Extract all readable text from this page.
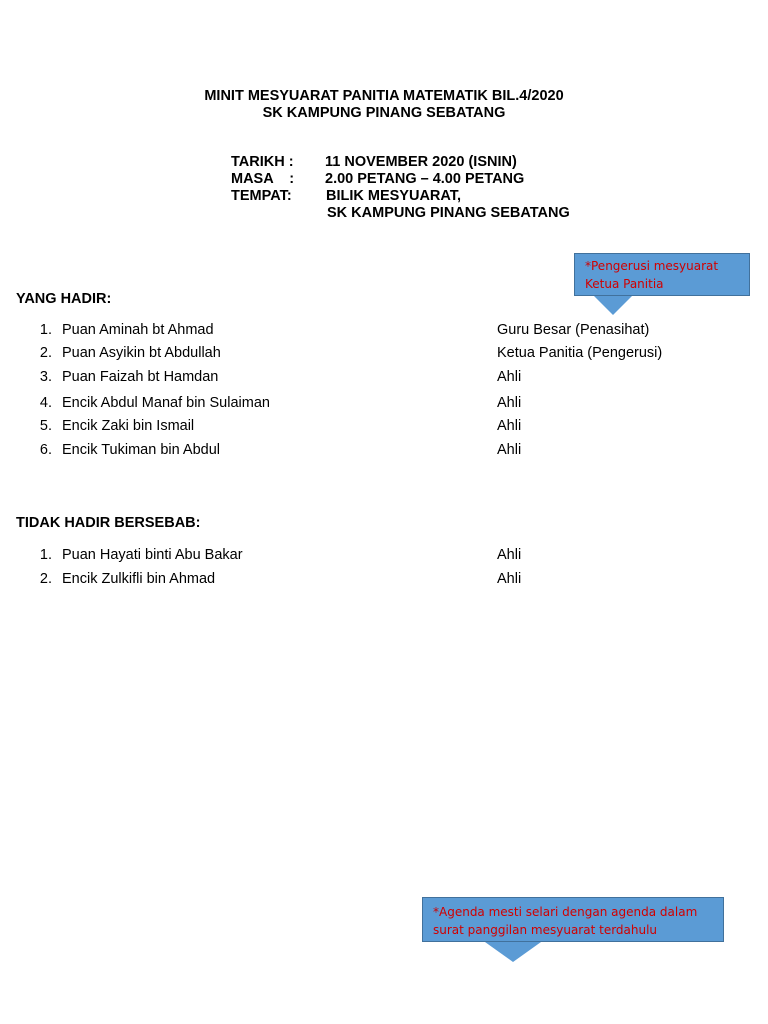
MINIT MESYUARAT PANITIA MATEMATIK BIL.4/2020
SK KAMPUNG PINANG SEBATANG
TARIKH : 11 NOVEMBER 2020 (ISNIN)
MASA    : 2.00 PETANG – 4.00 PETANG
TEMPAT: BILIK MESYUARAT,
SK KAMPUNG PINANG SEBATANG
*Pengerusi mesyuarat
Ketua Panitia
YANG HADIR:
1. Puan Aminah bt Ahmad	Guru Besar (Penasihat)
2. Puan Asyikin bt Abdullah	Ketua Panitia (Pengerusi)
3. Puan Faizah bt Hamdan	Ahli
4. Encik Abdul Manaf bin Sulaiman	Ahli
5. Encik Zaki bin Ismail	Ahli
6. Encik Tukiman bin Abdul	Ahli
TIDAK HADIR BERSEBAB:
1. Puan Hayati binti Abu Bakar	Ahli
2. Encik Zulkifli bin Ahmad	Ahli
*Agenda mesti selari dengan agenda dalam
surat panggilan mesyuarat terdahulu
